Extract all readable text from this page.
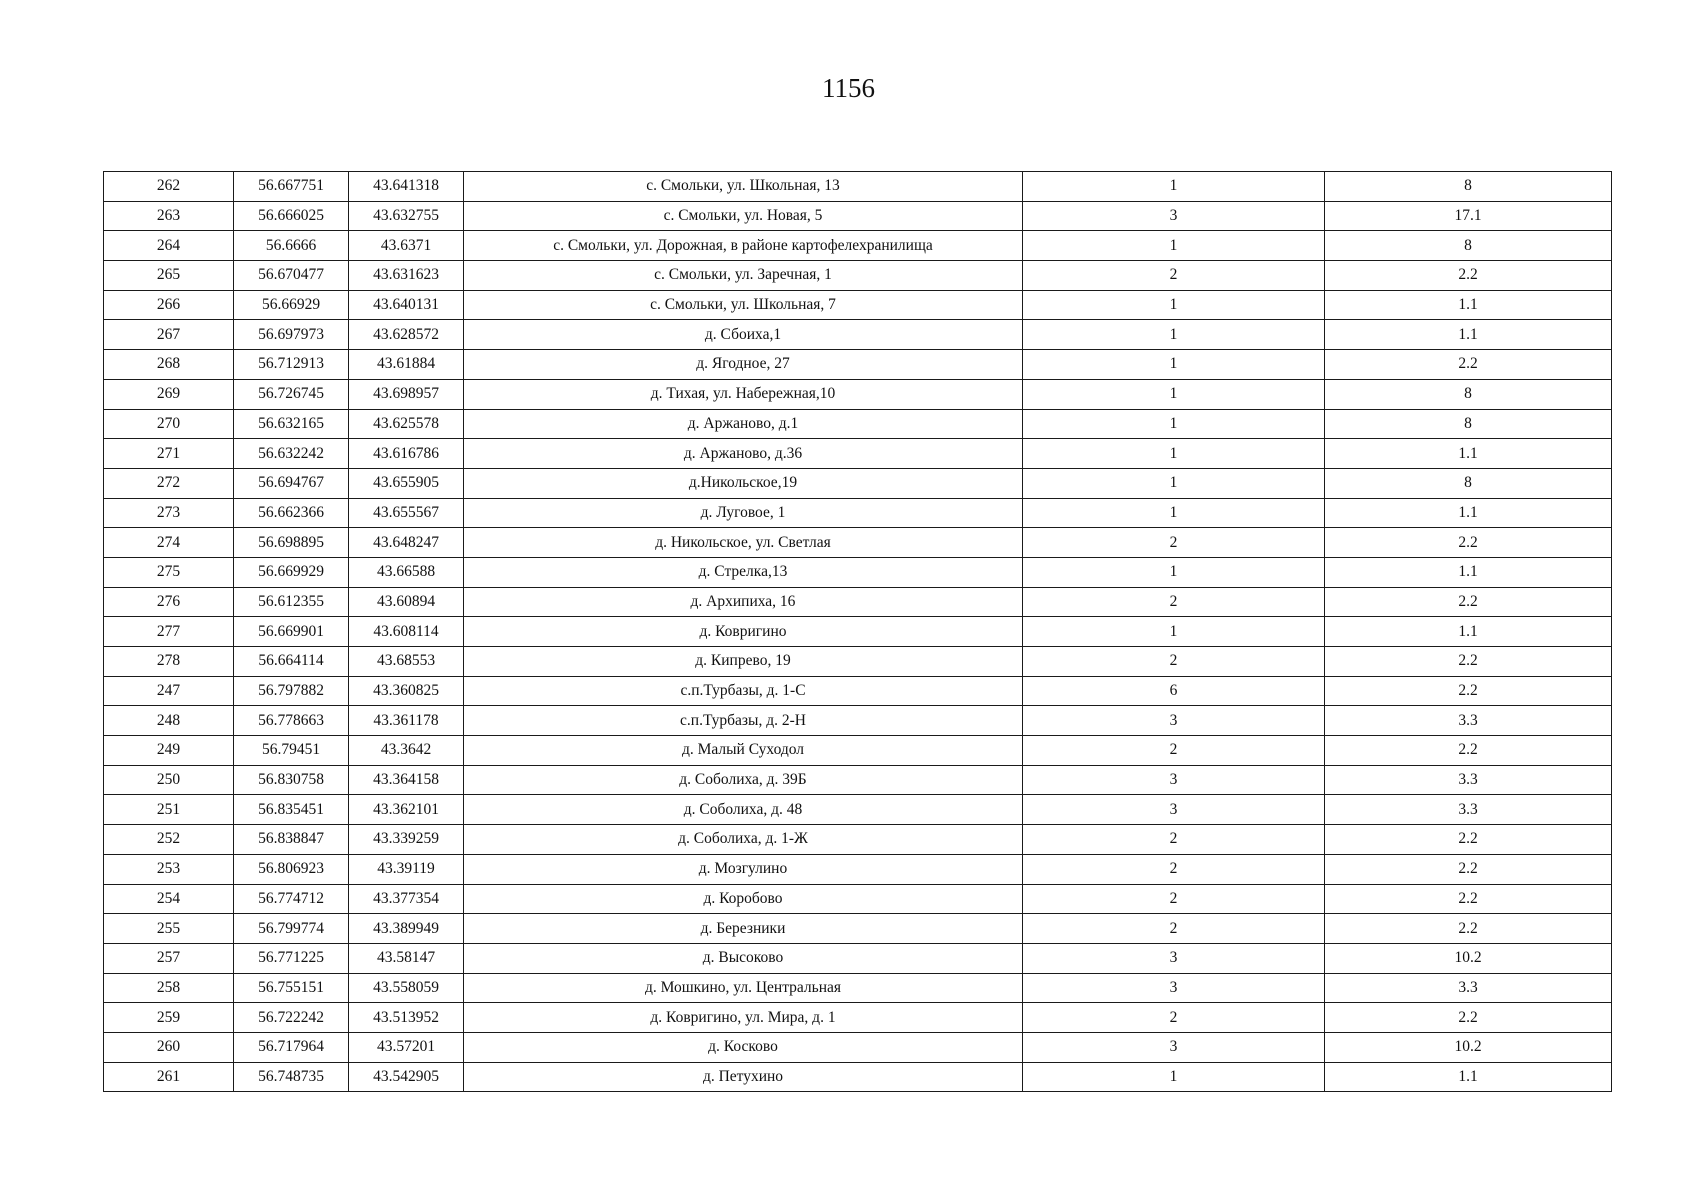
1156
262	56.667751	43.641318	с. Смольки, ул. Школьная, 13	1	8
263	56.666025	43.632755	с. Смольки, ул. Новая, 5	3	17.1
264	56.6666	43.6371	с. Смольки, ул. Дорожная, в районе картофелехранилища	1	8
265	56.670477	43.631623	с. Смольки, ул. Заречная, 1	2	2.2
266	56.66929	43.640131	с. Смольки, ул. Школьная, 7	1	1.1
267	56.697973	43.628572	д. Сбоиха,1	1	1.1
268	56.712913	43.61884	д. Ягодное, 27	1	2.2
269	56.726745	43.698957	д. Тихая, ул. Набережная,10	1	8
270	56.632165	43.625578	д. Аржаново, д.1	1	8
271	56.632242	43.616786	д. Аржаново, д.36	1	1.1
272	56.694767	43.655905	д.Никольское,19	1	8
273	56.662366	43.655567	д. Луговое, 1	1	1.1
274	56.698895	43.648247	д. Никольское, ул. Светлая	2	2.2
275	56.669929	43.66588	д. Стрелка,13	1	1.1
276	56.612355	43.60894	д. Архипиха, 16	2	2.2
277	56.669901	43.608114	д. Ковригино	1	1.1
278	56.664114	43.68553	д. Кипрево, 19	2	2.2
247	56.797882	43.360825	с.п.Турбазы, д. 1-С	6	2.2
248	56.778663	43.361178	с.п.Турбазы, д. 2-Н	3	3.3
249	56.79451	43.3642	д. Малый Суходол	2	2.2
250	56.830758	43.364158	д. Соболиха, д. 39Б	3	3.3
251	56.835451	43.362101	д. Соболиха, д. 48	3	3.3
252	56.838847	43.339259	д. Соболиха, д. 1-Ж	2	2.2
253	56.806923	43.39119	д. Мозгулино	2	2.2
254	56.774712	43.377354	д. Коробово	2	2.2
255	56.799774	43.389949	д. Березники	2	2.2
257	56.771225	43.58147	д. Высоково	3	10.2
258	56.755151	43.558059	д. Мошкино, ул. Центральная	3	3.3
259	56.722242	43.513952	д. Ковригино, ул. Мира, д. 1	2	2.2
260	56.717964	43.57201	д. Косково	3	10.2
261	56.748735	43.542905	д. Петухино	1	1.1
